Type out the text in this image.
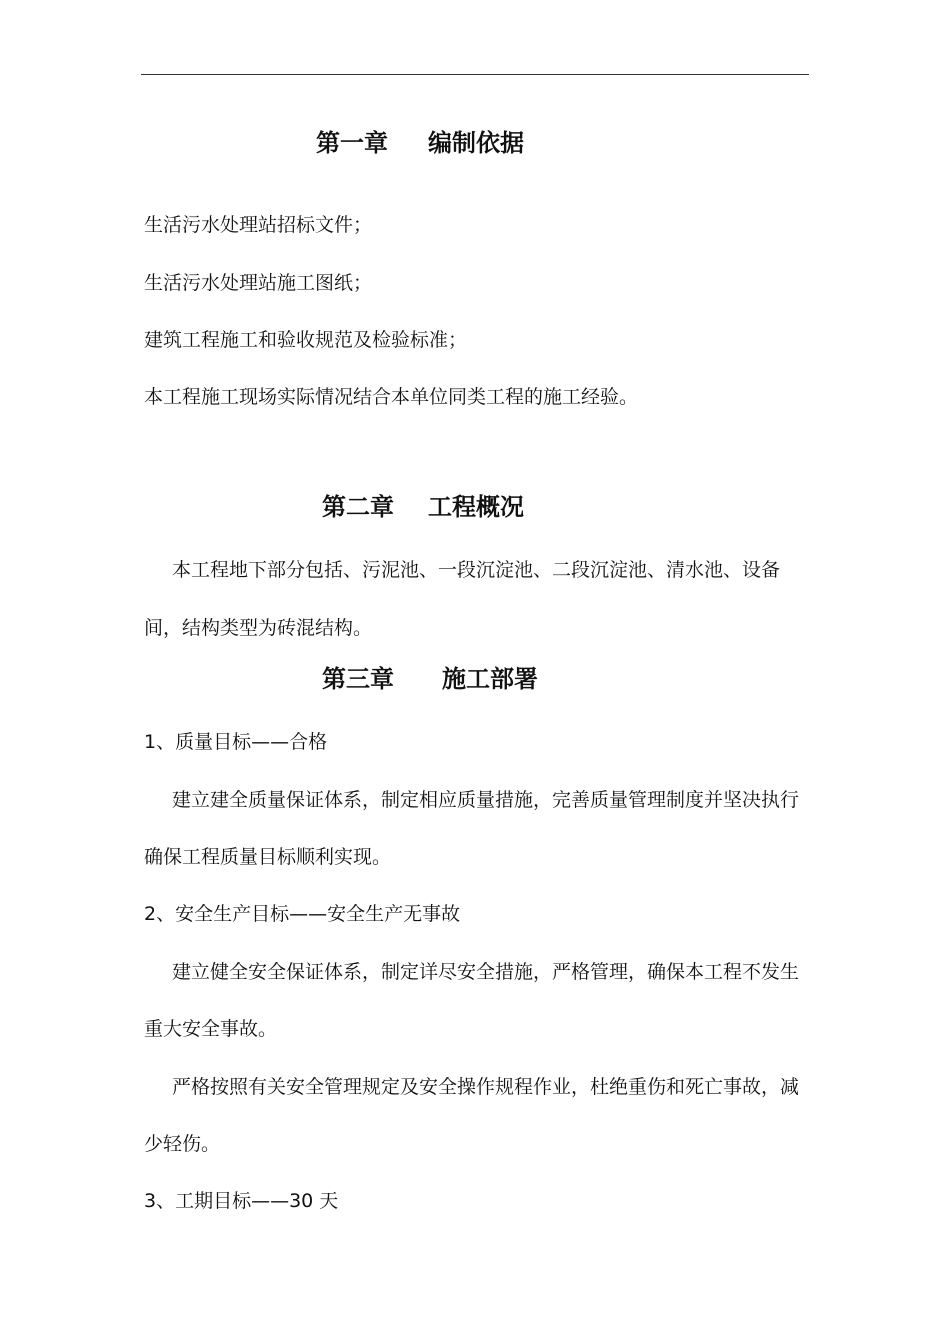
第一章 编制依据
生活污水处理站招标文件；
生活污水处理站施工图纸；
建筑工程施工和验收规范及检验标准；
本工程施工现场实际情况结合本单位同类工程的施工经验。
第二章 工程概况
本工程地下部分包括、污泥池、一段沉淀池、二段沉淀池、清水池、设备
间，结构类型为砖混结构。
第三章 施工部署
1、质量目标——合格
建立建全质量保证体系，制定相应质量措施，完善质量管理制度并坚决执行
确保工程质量目标顺利实现。
2、安全生产目标——安全生产无事故
建立健全安全保证体系，制定详尽安全措施，严格管理，确保本工程不发生
重大安全事故。
严格按照有关安全管理规定及安全操作规程作业，杜绝重伤和死亡事故，减
少轻伤。
3、工期目标——30 天
